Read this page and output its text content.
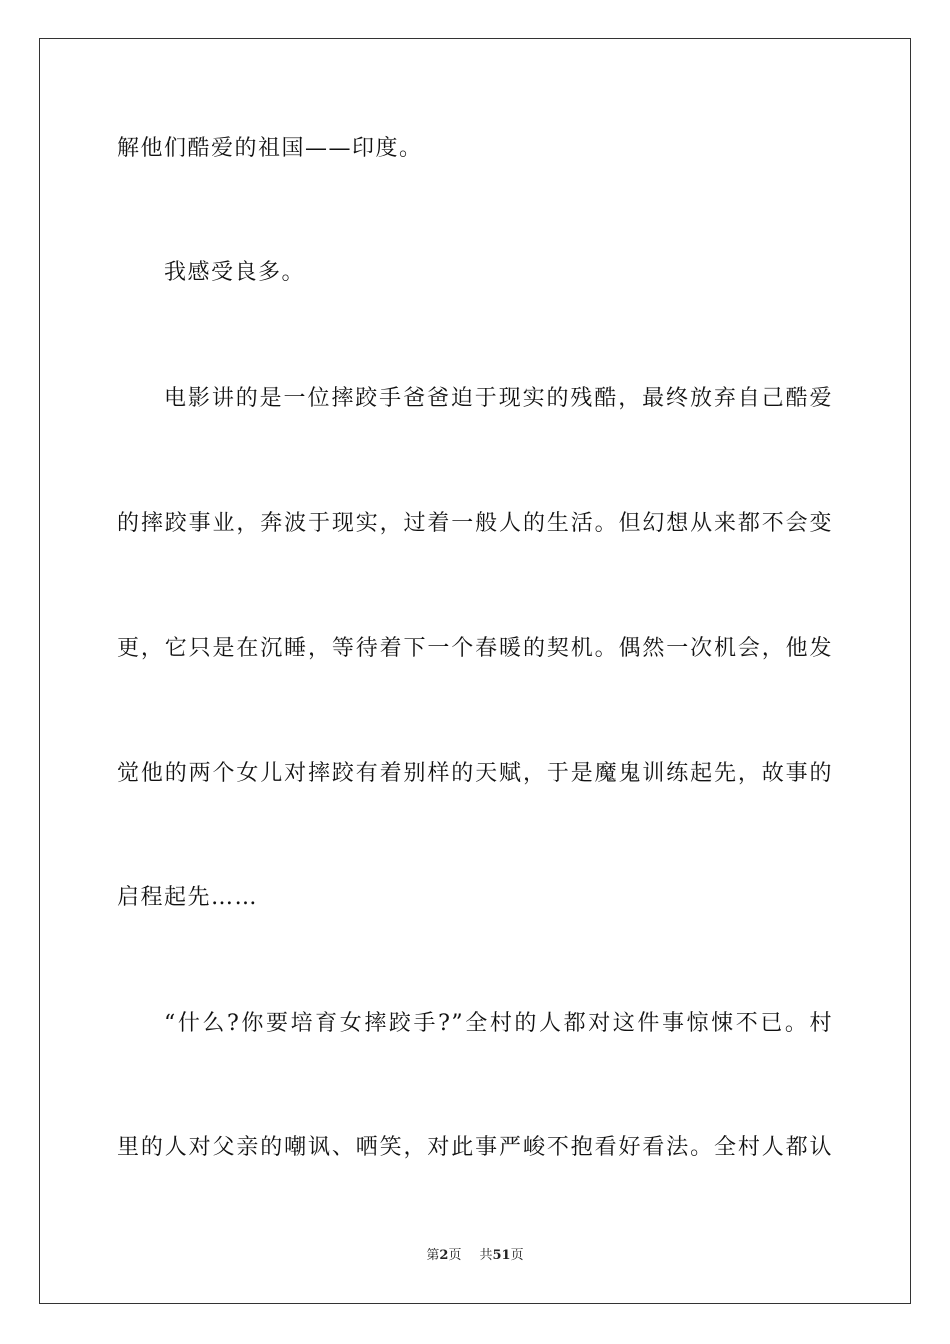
解他们酷爱的祖国——印度。
我感受良多。
电影讲的是一位摔跤手爸爸迫于现实的残酷，最终放弃自己酷爱
的摔跤事业，奔波于现实，过着一般人的生活。但幻想从来都不会变
更，它只是在沉睡，等待着下一个春暖的契机。偶然一次机会，他发
觉他的两个女儿对摔跤有着别样的天赋，于是魔鬼训练起先，故事的
启程起先……
“什么?你要培育女摔跤手?”全村的人都对这件事惊悚不已。村
里的人对父亲的嘲讽、哂笑，对此事严峻不抱看好看法。全村人都认
第2页 共51页
